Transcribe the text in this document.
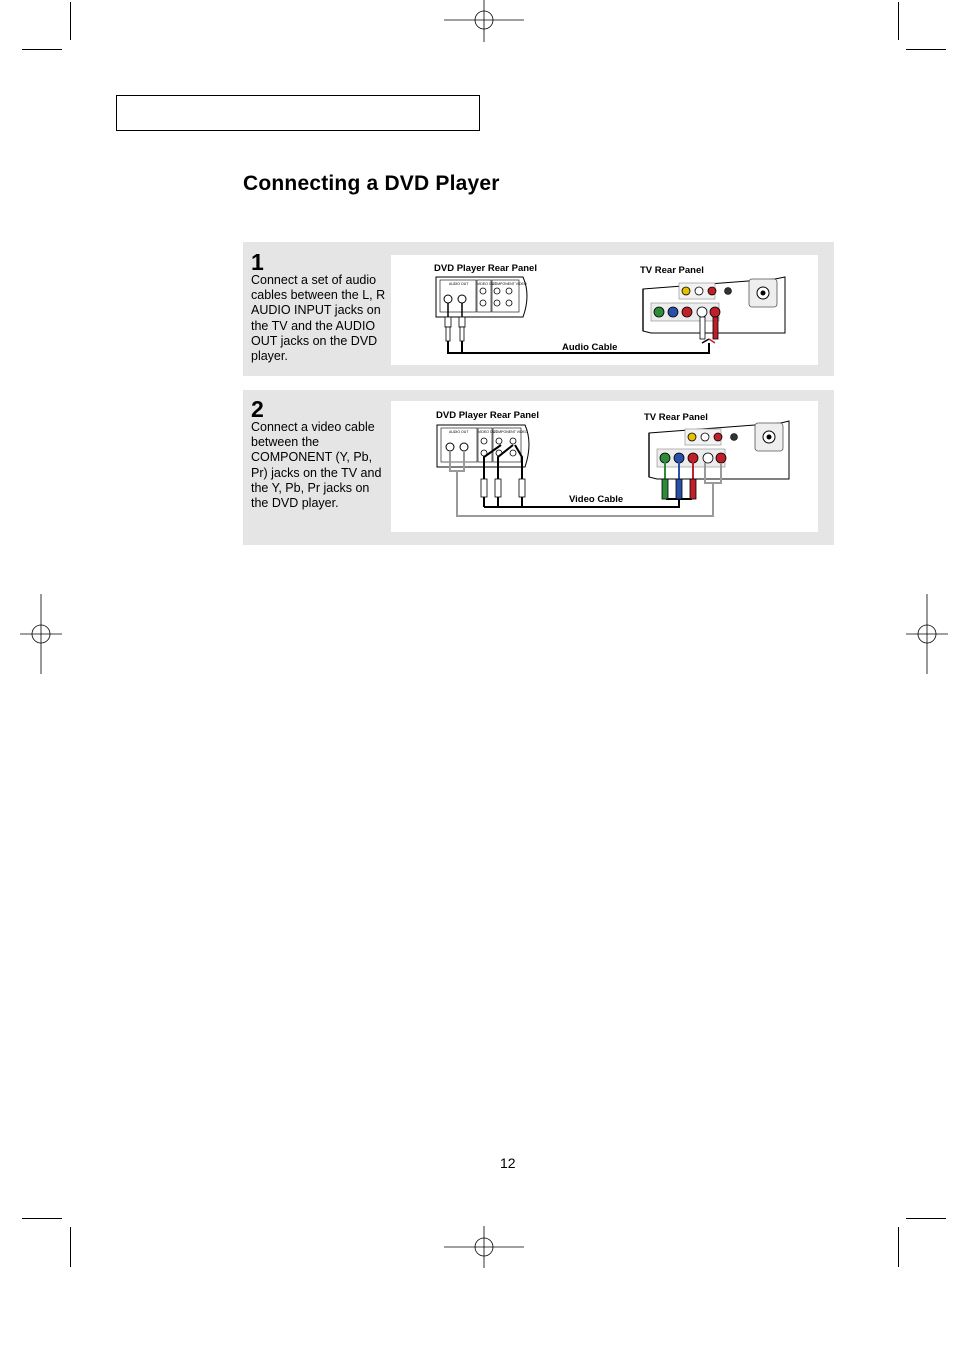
Connecting a DVD Player
1

Connect a set of audio cables between the L, R AUDIO INPUT jacks on the TV and the AUDIO OUT jacks on the DVD player.

DVD Player Rear Panel	TV Rear Panel
Audio Cable
AUDIO OUT VIDEO OUT
COMPONENT VIDEO
2

Connect a video cable between the COMPONENT (Y, Pb, Pr) jacks on the TV and the Y, Pb, Pr jacks on the DVD player.

DVD Player Rear Panel	TV Rear Panel
Video Cable
AUDIO OUT	VIDEO OUT
COMPONENT VIDEO
12
